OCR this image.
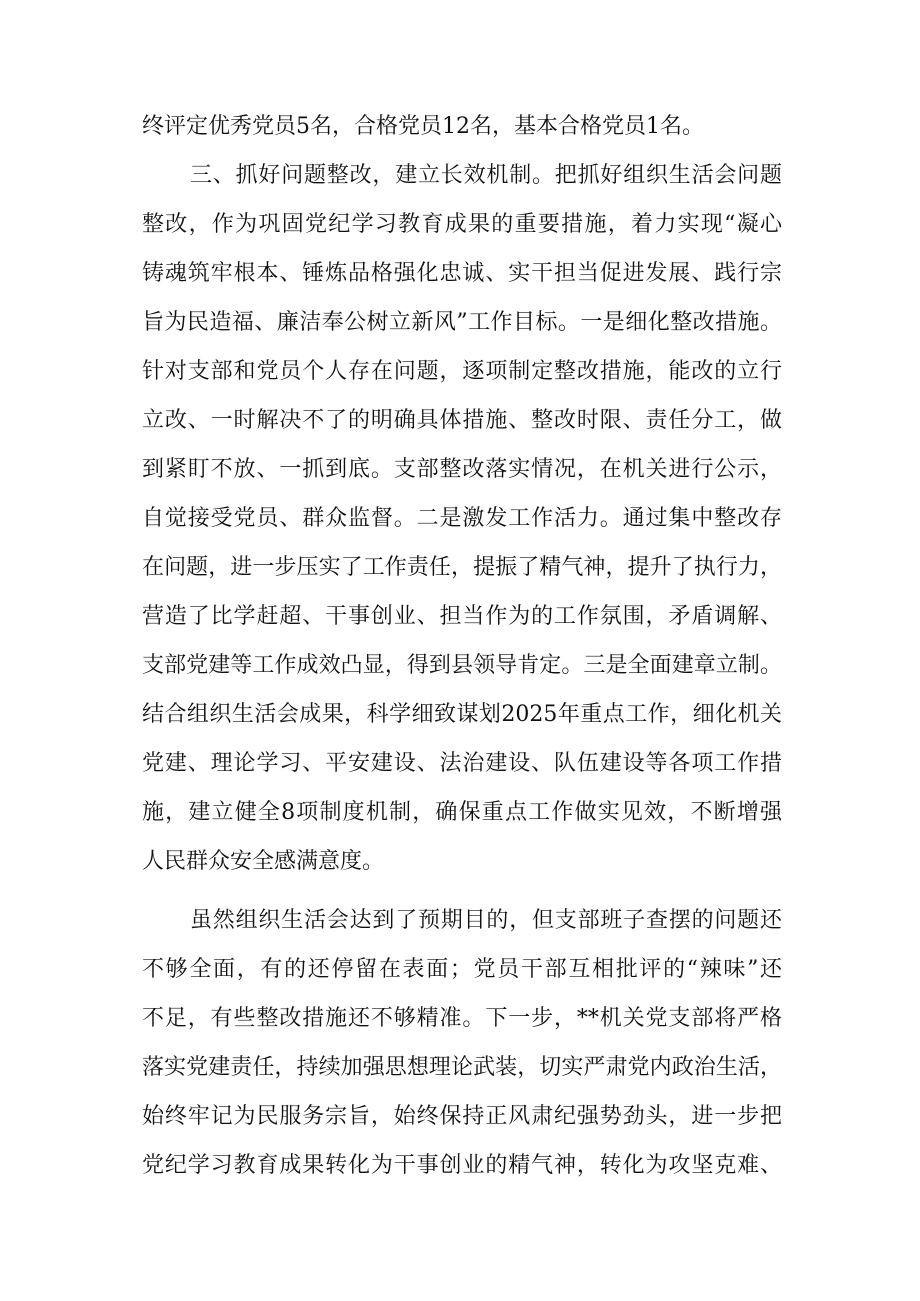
终评定优秀党员5名，合格党员12名，基本合格党员1名。
三、抓好问题整改，建立长效机制。把抓好组织生活会问题
整改，作为巩固党纪学习教育成果的重要措施，着力实现“凝心
铸魂筑牢根本、锤炼品格强化忠诚、实干担当促进发展、践行宗
旨为民造福、廉洁奉公树立新风”工作目标。一是细化整改措施。
针对支部和党员个人存在问题，逐项制定整改措施，能改的立行
立改、一时解决不了的明确具体措施、整改时限、责任分工，做
到紧盯不放、一抓到底。支部整改落实情况，在机关进行公示，
自觉接受党员、群众监督。二是激发工作活力。通过集中整改存
在问题，进一步压实了工作责任，提振了精气神，提升了执行力，
营造了比学赶超、干事创业、担当作为的工作氛围，矛盾调解、
支部党建等工作成效凸显，得到县领导肯定。三是全面建章立制。
结合组织生活会成果，科学细致谋划2025年重点工作，细化机关
党建、理论学习、平安建设、法治建设、队伍建设等各项工作措
施，建立健全8项制度机制，确保重点工作做实见效，不断增强
人民群众安全感满意度。
虽然组织生活会达到了预期目的，但支部班子查摆的问题还
不够全面，有的还停留在表面；党员干部互相批评的“辣味”还
不足，有些整改措施还不够精准。下一步，**机关党支部将严格
落实党建责任，持续加强思想理论武装，切实严肃党内政治生活，
始终牢记为民服务宗旨，始终保持正风肃纪强势劲头，进一步把
党纪学习教育成果转化为干事创业的精气神，转化为攻坚克难、
